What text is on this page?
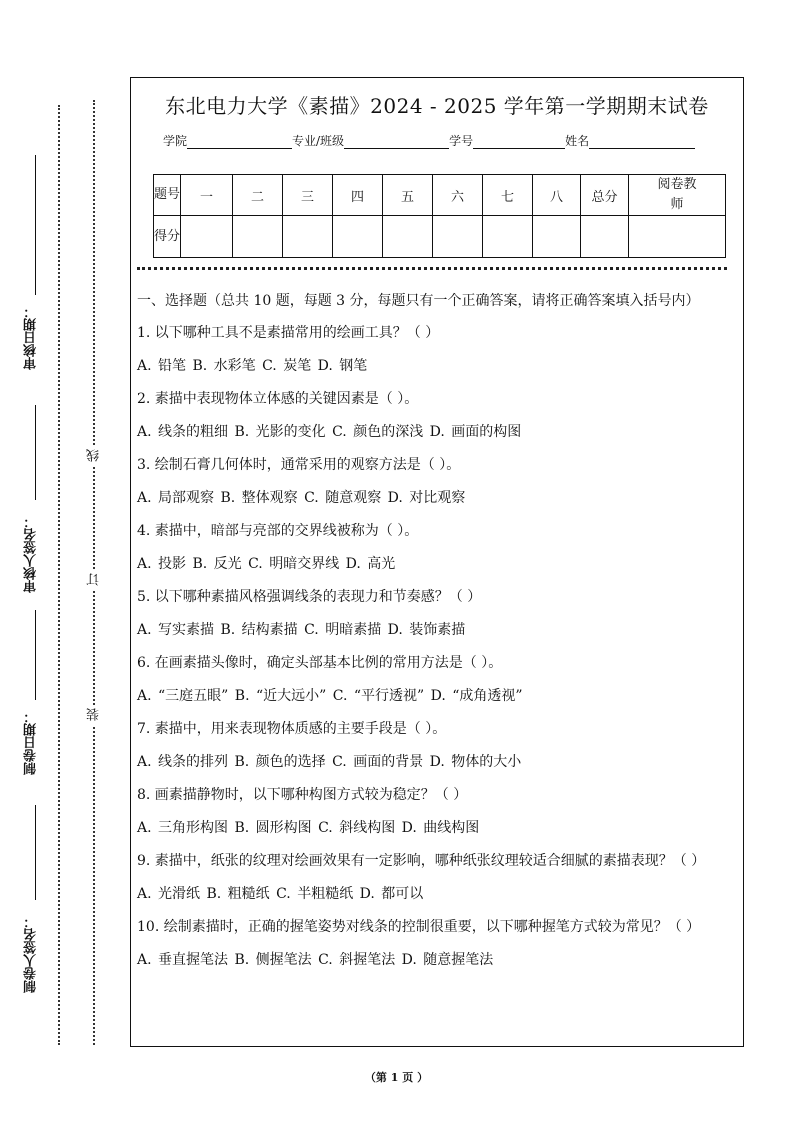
审核日期：
审核人签名：
制卷日期：
制卷人签名：
线
订
装
东北电力大学《素描》2024 - 2025 学年第一学期期末试卷
学院	专业/班级	学号	姓名
题号	一	二	三	四	五	六	七	八	总分	阅卷教师
得分										
一、选择题（总共 10 题，每题 3 分，每题只有一个正确答案，请将正确答案填入括号内）
1. 以下哪种工具不是素描常用的绘画工具？（ ）
A. 铅笔 B. 水彩笔 C. 炭笔 D. 钢笔
2. 素描中表现物体立体感的关键因素是（ ）。
A. 线条的粗细 B. 光影的变化 C. 颜色的深浅 D. 画面的构图
3. 绘制石膏几何体时，通常采用的观察方法是（ ）。
A. 局部观察 B. 整体观察 C. 随意观察 D. 对比观察
4. 素描中，暗部与亮部的交界线被称为（ ）。
A. 投影 B. 反光 C. 明暗交界线 D. 高光
5. 以下哪种素描风格强调线条的表现力和节奏感？（ ）
A. 写实素描 B. 结构素描 C. 明暗素描 D. 装饰素描
6. 在画素描头像时，确定头部基本比例的常用方法是（ ）。
A. “三庭五眼” B. “近大远小” C. “平行透视” D. “成角透视”
7. 素描中，用来表现物体质感的主要手段是（ ）。
A. 线条的排列 B. 颜色的选择 C. 画面的背景 D. 物体的大小
8. 画素描静物时，以下哪种构图方式较为稳定？（ ）
A. 三角形构图 B. 圆形构图 C. 斜线构图 D. 曲线构图
9. 素描中，纸张的纹理对绘画效果有一定影响，哪种纸张纹理较适合细腻的素描表现？（ ）
A. 光滑纸 B. 粗糙纸 C. 半粗糙纸 D. 都可以
10. 绘制素描时，正确的握笔姿势对线条的控制很重要，以下哪种握笔方式较为常见？（ ）
A. 垂直握笔法 B. 侧握笔法 C. 斜握笔法 D. 随意握笔法
（第 1 页 ）
